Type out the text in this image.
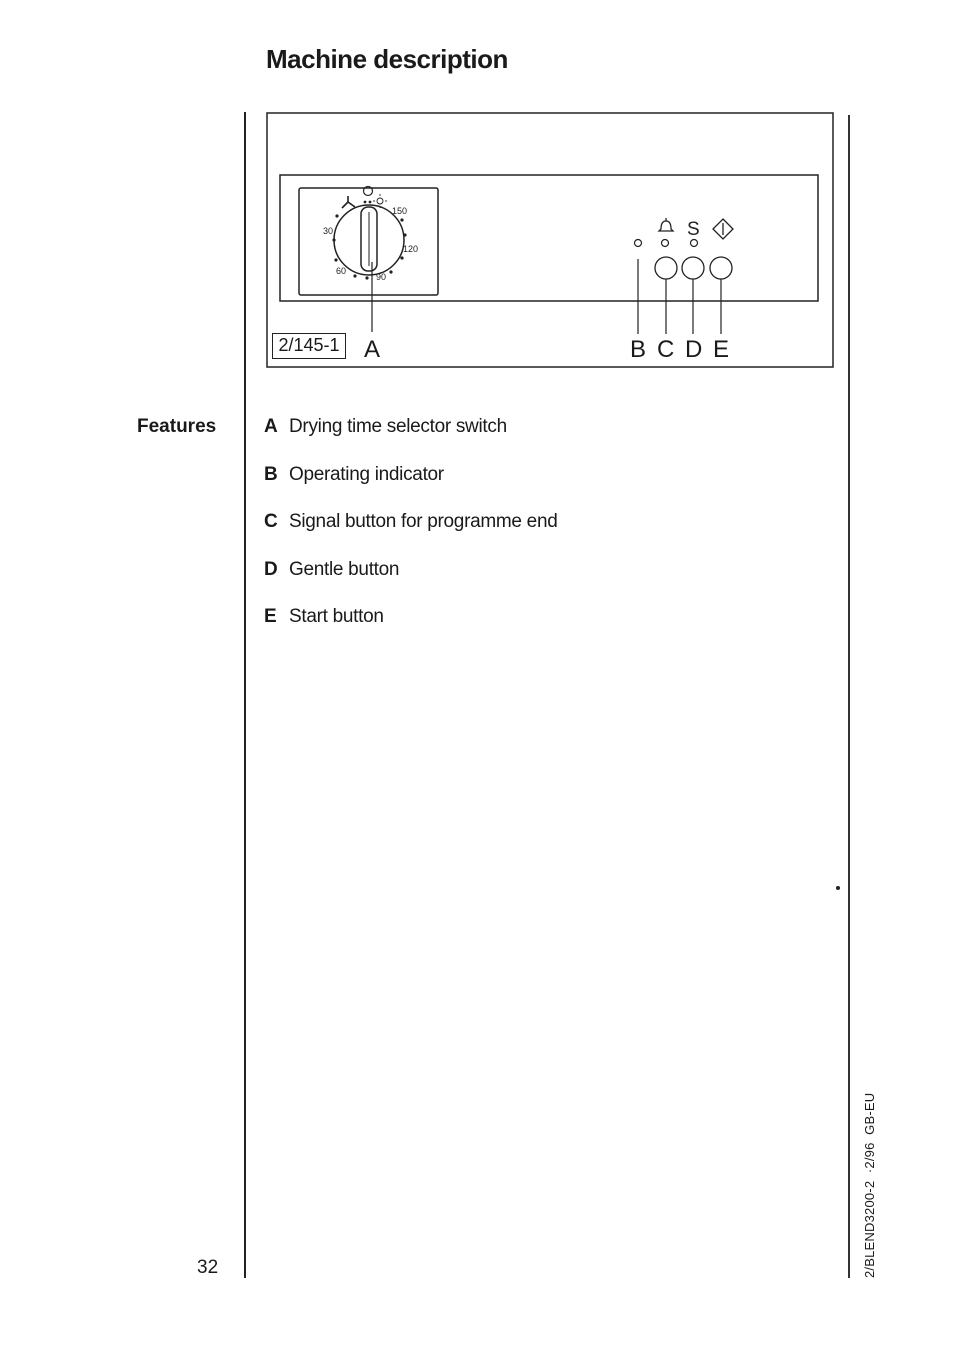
Machine description
30
60
90
120
150
S
2/145-1 A	B C D E
Features	A Drying time selector switch
B Operating indicator
C Signal button for programme end
D Gentle button
E Start button
32	2/BLEND3200-2  ·2/96  GB-EU
